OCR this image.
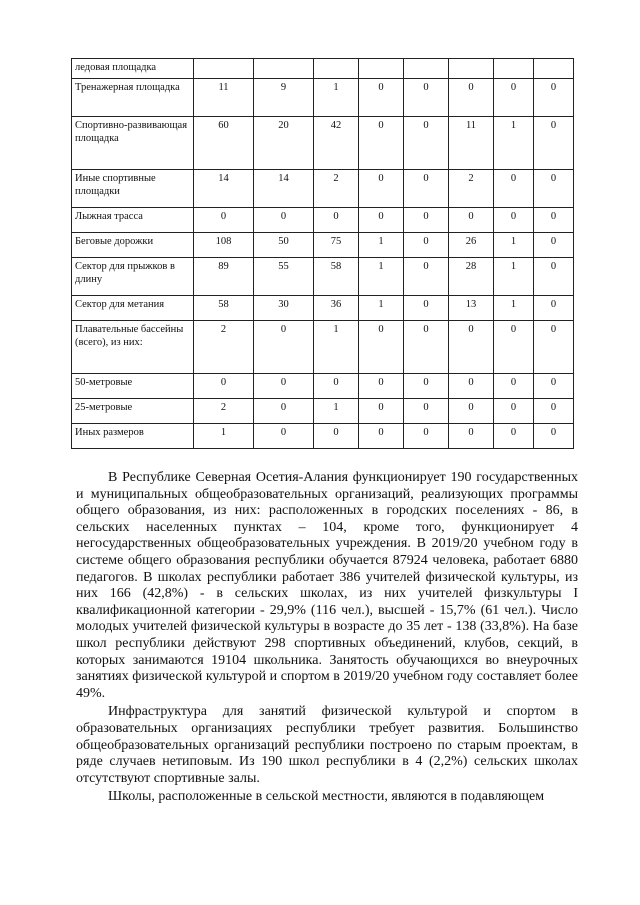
ледовая площадка								
Тренажерная площадка	11	9	1	0	0	0	0	0
Спортивно-развивающая площадка	60	20	42	0	0	11	1	0
Иные спортивные площадки	14	14	2	0	0	2	0	0
Лыжная трасса	0	0	0	0	0	0	0	0
Беговые дорожки	108	50	75	1	0	26	1	0
Сектор для прыжков в длину	89	55	58	1	0	28	1	0
Сектор для метания	58	30	36	1	0	13	1	0
Плавательные бассейны (всего), из них:	2	0	1	0	0	0	0	0
50-метровые	0	0	0	0	0	0	0	0
25-метровые	2	0	1	0	0	0	0	0
Иных размеров	1	0	0	0	0	0	0	0

В Республике Северная Осетия-Алания функционирует 190 государственных и муниципальных общеобразовательных организаций, реализующих программы общего образования, из них: расположенных в городских поселениях - 86, в сельских населенных пунктах – 104, кроме того, функционирует 4 негосударственных общеобразовательных учреждения. В 2019/20 учебном году в системе общего образования республики обучается 87924 человека, работает 6880 педагогов. В школах республики работает 386 учителей физической культуры, из них 166 (42,8%) - в сельских школах, из них учителей физкультуры I квалификационной категории - 29,9% (116 чел.), высшей - 15,7% (61 чел.). Число молодых учителей физической культуры в возрасте до 35 лет - 138 (33,8%). На базе школ республики действуют 298 спортивных объединений, клубов, секций, в которых занимаются 19104 школьника. Занятость обучающихся во внеурочных занятиях физической культурой и спортом в 2019/20 учебном году составляет более 49%.

Инфраструктура для занятий физической культурой и спортом в образовательных организациях республики требует развития. Большинство общеобразовательных организаций республики построено по старым проектам, в ряде случаев нетиповым. Из 190 школ республики в 4 (2,2%) сельских школах отсутствуют спортивные залы.

Школы, расположенные в сельской местности, являются в подавляющем
